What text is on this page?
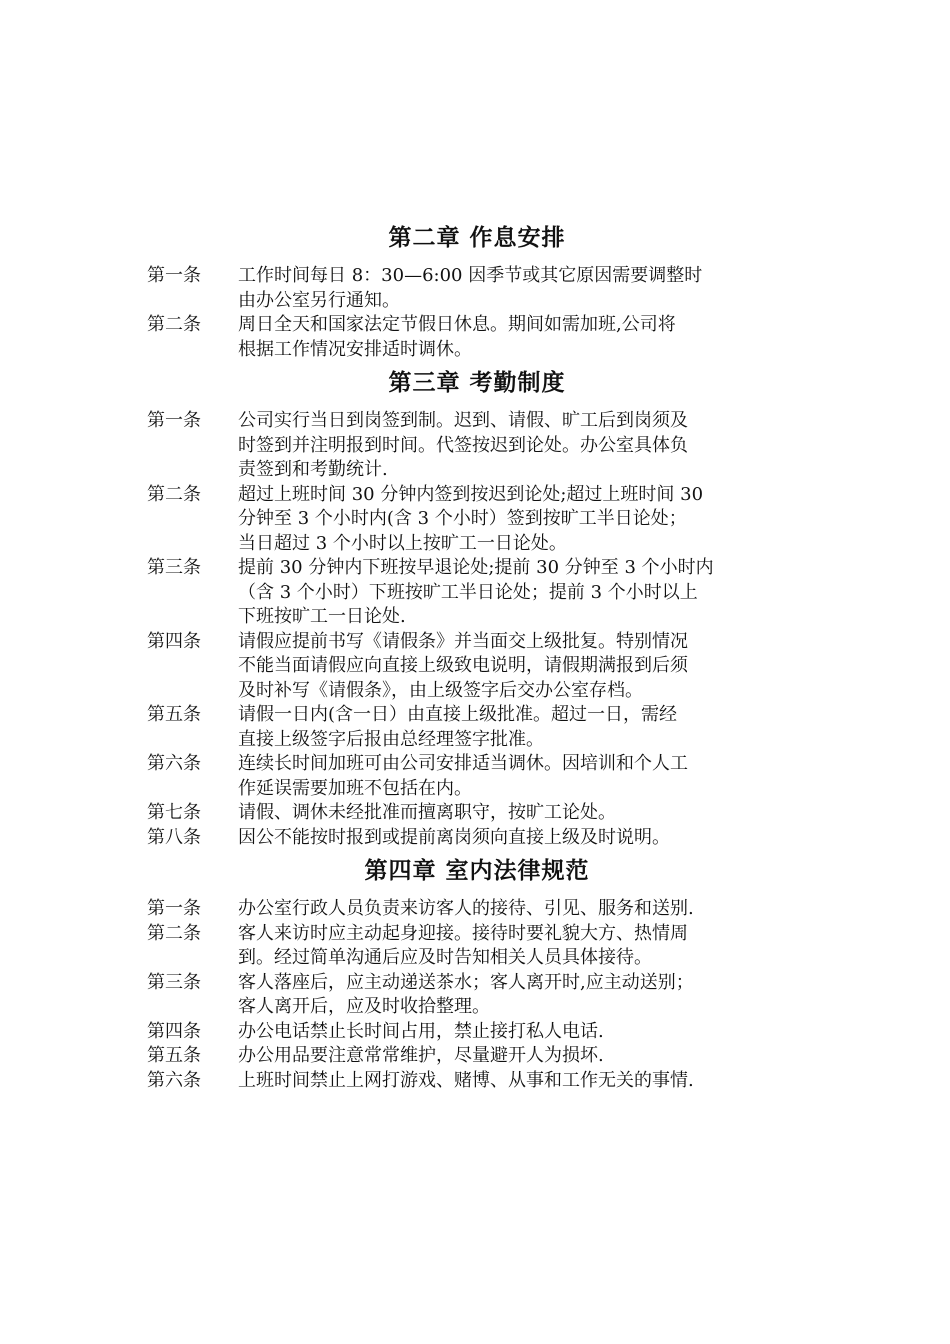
第二章 作息安排
第一条	工作时间每日 8：30—6:00 因季节或其它原因需要调整时
由办公室另行通知。
第二条	周日全天和国家法定节假日休息。期间如需加班,公司将
根据工作情况安排适时调休。
第三章 考勤制度
第一条	公司实行当日到岗签到制。迟到、请假、旷工后到岗须及
时签到并注明报到时间。代签按迟到论处。办公室具体负
责签到和考勤统计.
第二条	超过上班时间 30 分钟内签到按迟到论处;超过上班时间 30
分钟至 3 个小时内(含 3 个小时）签到按旷工半日论处；
当日超过 3 个小时以上按旷工一日论处。
第三条	提前 30 分钟内下班按早退论处;提前 30 分钟至 3 个小时内
（含 3 个小时）下班按旷工半日论处；提前 3 个小时以上
下班按旷工一日论处.
第四条	请假应提前书写《请假条》并当面交上级批复。特别情况
不能当面请假应向直接上级致电说明，请假期满报到后须
及时补写《请假条》，由上级签字后交办公室存档。
第五条	请假一日内(含一日）由直接上级批准。超过一日，需经
直接上级签字后报由总经理签字批准。
第六条	连续长时间加班可由公司安排适当调休。因培训和个人工
作延误需要加班不包括在内。
第七条	请假、调休未经批准而擅离职守，按旷工论处。
第八条	因公不能按时报到或提前离岗须向直接上级及时说明。
第四章 室内法律规范
第一条	办公室行政人员负责来访客人的接待、引见、服务和送别.
第二条	客人来访时应主动起身迎接。接待时要礼貌大方、热情周
到。经过简单沟通后应及时告知相关人员具体接待。
第三条	客人落座后，应主动递送茶水；客人离开时,应主动送别；
客人离开后，应及时收拾整理。
第四条	办公电话禁止长时间占用，禁止接打私人电话.
第五条	办公用品要注意常常维护，尽量避开人为损坏.
第六条	上班时间禁止上网打游戏、赌博、从事和工作无关的事情.
